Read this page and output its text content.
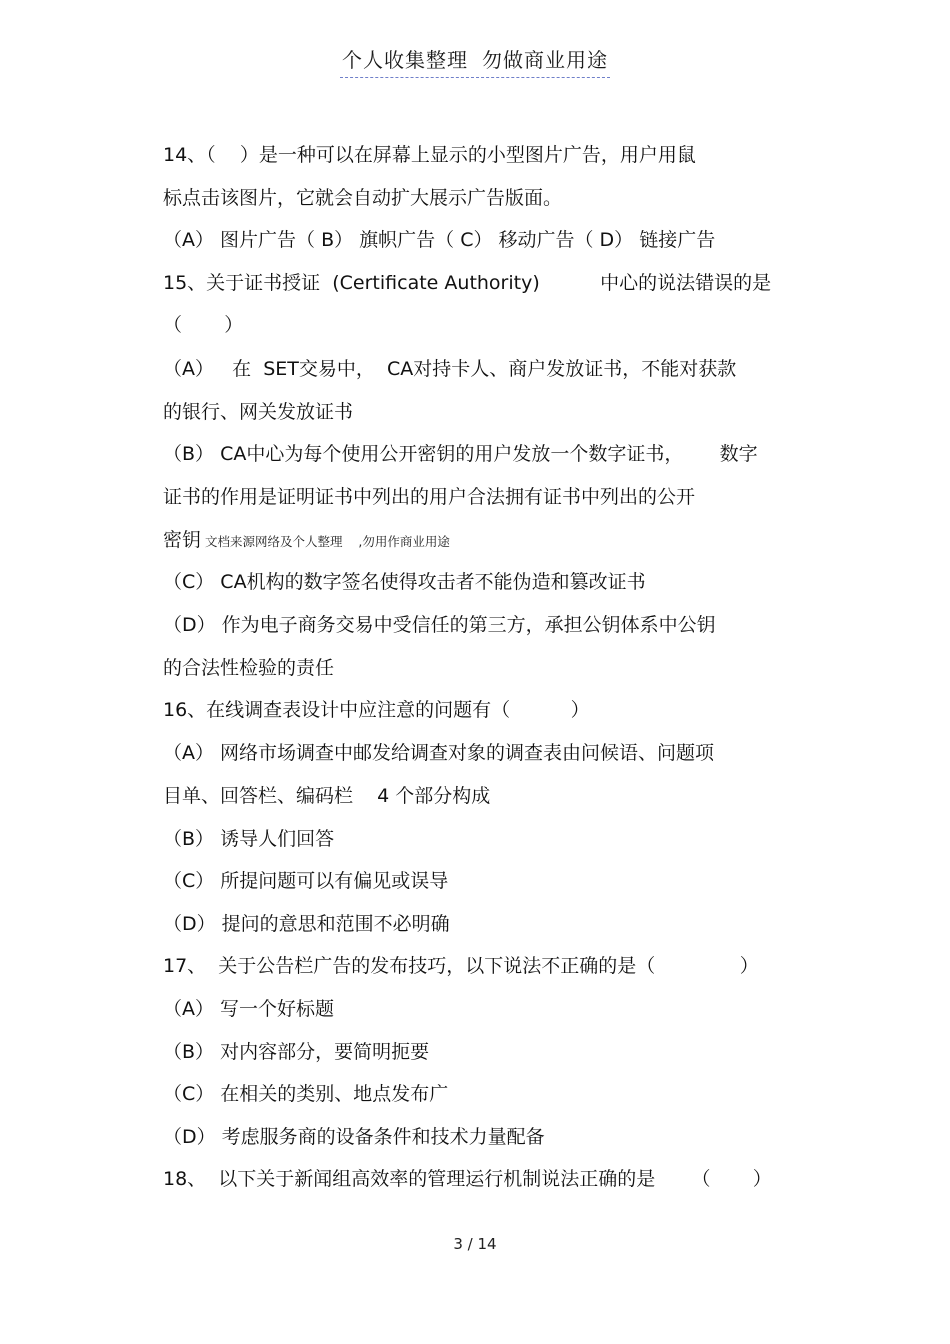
个人收集整理 勿做商业用途
14、（    ）是一种可以在屏幕上显示的小型图片广告，用户用鼠
标点击该图片，它就会自动扩大展示广告版面。
（A） 图片广告（ B） 旗帜广告（ C） 移动广告（ D） 链接广告
15、关于证书授证  (Certificate Authority)          中心的说法错误的是
（       ）
（A）   在  SET交易中，  CA对持卡人、商户发放证书，不能对获款
的银行、网关发放证书
（B） CA中心为每个使用公开密钥的用户发放一个数字证书，      数字
证书的作用是证明证书中列出的用户合法拥有证书中列出的公开
密钥 文档来源网络及个人整理    ,勿用作商业用途
（C） CA机构的数字签名使得攻击者不能伪造和篡改证书
（D） 作为电子商务交易中受信任的第三方，承担公钥体系中公钥
的合法性检验的责任
16、在线调查表设计中应注意的问题有（          ）
（A） 网络市场调查中邮发给调查对象的调查表由问候语、问题项
目单、回答栏、编码栏    4 个部分构成
（B） 诱导人们回答
（C） 所提问题可以有偏见或误导
（D） 提问的意思和范围不必明确
17、  关于公告栏广告的发布技巧，以下说法不正确的是（              ）
（A） 写一个好标题
（B） 对内容部分，要简明扼要
（C） 在相关的类别、地点发布广
（D） 考虑服务商的设备条件和技术力量配备
18、  以下关于新闻组高效率的管理运行机制说法正确的是      （       ）
3 / 14
